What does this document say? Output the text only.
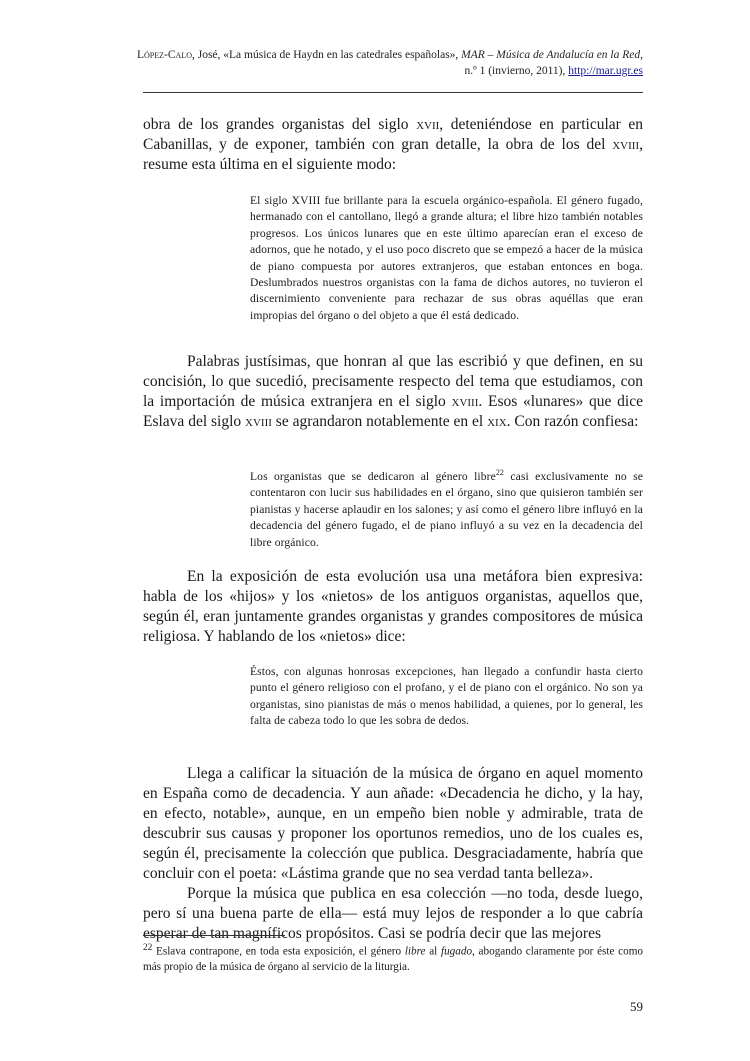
López-Calo, José, «La música de Haydn en las catedrales españolas», MAR – Música de Andalucía en la Red, n.º 1 (invierno, 2011), http://mar.ugr.es

obra de los grandes organistas del siglo xvii, deteniéndose en particular en Cabanillas, y de exponer, también con gran detalle, la obra de los del xviii, resume esta última en el siguiente modo:

El siglo XVIII fue brillante para la escuela orgánico-española. El género fugado, hermanado con el cantollano, llegó a grande altura; el libre hizo también notables progresos. Los únicos lunares que en este último aparecían eran el exceso de adornos, que he notado, y el uso poco discreto que se empezó a hacer de la música de piano compuesta por autores extranjeros, que estaban entonces en boga. Deslumbrados nuestros organistas con la fama de dichos autores, no tuvieron el discernimiento conveniente para rechazar de sus obras aquéllas que eran impropias del órgano o del objeto a que él está dedicado.

Palabras justísimas, que honran al que las escribió y que definen, en su concisión, lo que sucedió, precisamente respecto del tema que estudiamos, con la importación de música extranjera en el siglo xviii. Esos «lunares» que dice Eslava del siglo xviii se agrandaron notablemente en el xix. Con razón confiesa:

Los organistas que se dedicaron al género libre$^{22}$ casi exclusivamente no se contentaron con lucir sus habilidades en el órgano, sino que quisieron también ser pianistas y hacerse aplaudir en los salones; y así como el género libre influyó en la decadencia del género fugado, el de piano influyó a su vez en la decadencia del libre orgánico.

En la exposición de esta evolución usa una metáfora bien expresiva: habla de los «hijos» y los «nietos» de los antiguos organistas, aquellos que, según él, eran juntamente grandes organistas y grandes compositores de música religiosa. Y hablando de los «nietos» dice:

Éstos, con algunas honrosas excepciones, han llegado a confundir hasta cierto punto el género religioso con el profano, y el de piano con el orgánico. No son ya organistas, sino pianistas de más o menos habilidad, a quienes, por lo general, les falta de cabeza todo lo que les sobra de dedos.

Llega a calificar la situación de la música de órgano en aquel momento en España como de decadencia. Y aun añade: «Decadencia he dicho, y la hay, en efecto, notable», aunque, en un empeño bien noble y admirable, trata de descubrir sus causas y proponer los oportunos remedios, uno de los cuales es, según él, precisamente la colección que publica. Desgraciadamente, habría que concluir con el poeta: «Lástima grande que no sea verdad tanta belleza».

Porque la música que publica en esa colección —no toda, desde luego, pero sí una buena parte de ella— está muy lejos de responder a lo que cabría esperar de tan magníficos propósitos. Casi se podría decir que las mejores

$^{22}$ Eslava contrapone, en toda esta exposición, el género libre al fugado, abogando claramente por éste como más propio de la música de órgano al servicio de la liturgia.

59
